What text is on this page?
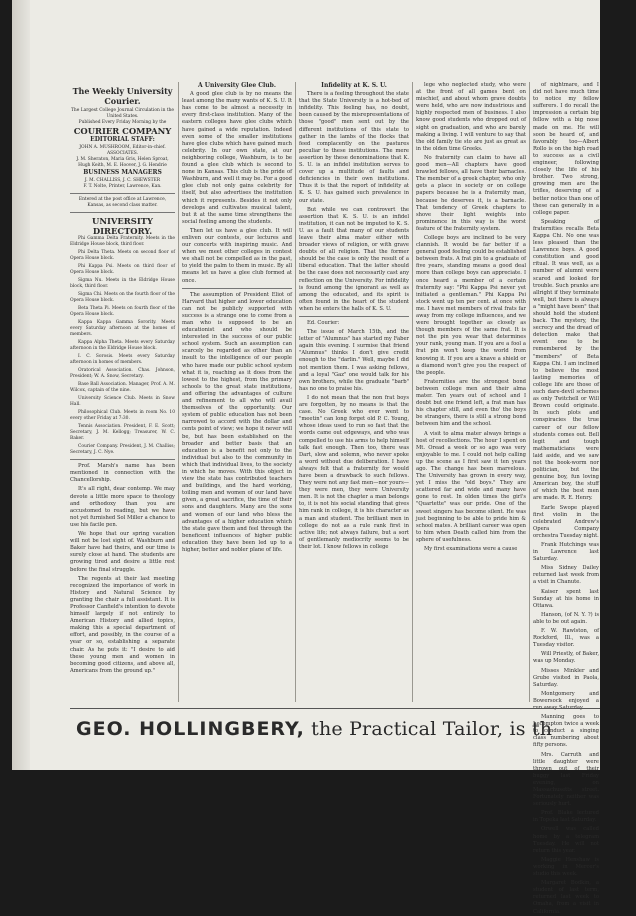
The Weekly University Courier.
The Largest College Journal Circulation in the United States.
Published Every Friday Morning by the
COURIER COMPANY
EDITORIAL STAFF:
JOHN A. MUSHROOM, Editor-in-chief.
ASSOCIATES.
J. M. Sheraton, Maria Gris, Helen Sproat, Hugh Keith, M. E. Hoover, J. G. Hendrie
BUSINESS MANAGERS
J. M. CHALLISS, J. C. SHEWSTER
F. T. Nolte, Printer, Lawrence, Kan.
Entered at the post office at Lawrence, Kansas, as second class matter.
UNIVERSITY DIRECTORY.

Phi Gamma Delta Fraternity. Meets in the Eldridge House block, third floor.

Phi Delta Theta. Meets on second floor of Opera House block.

Phi Kappa Psi. Meets on third floor of Opera House block.

Sigma Nu. Meets in the Eldridge House block, third floor.

Sigma Chi. Meets on the fourth floor of the Opera House block.

Beta Theta Pi. Meets on fourth floor of the Opera House block.

Kappa Kappa Gamma Sorority. Meets every Saturday afternoon at the homes of members.

Kappa Alpha Theta. Meets every Saturday afternoon in the Eldridge House block.

I. C. Sorosis. Meets every Saturday afternoon in homes of members.

Oratorical Association. Chas. Johnson, President; W. A. Snow, Secretary.

Base Ball Association. Manager, Prof. A. M. Wilcox, captain of the nine.

University Science Club. Meets in Snow Hall.

Philosophical Club. Meets in room No. 10 every other Friday at 7:30.

Tennis Association. President, F. E. Scott; Secretary, J. M. Kellogg; Treasurer, W. C. Baker.

Courier Company. President, J. M. Challiss; Secretary, J. C. Nye.

Prof. Marsh's name has been mentioned in connection with the Chancellorship.

It's all right, dear contemp. We may devote a little more space to theology and orthodoxy than you are accustomed to reading, but we have not yet furnished Sol Miller a chance to use his facile pen.

We hope that our spring vacation will not be lost sight of. Washburn and Baker have had theirs, and our time is surely close at hand. The students are growing tired and desire a little rest before the final struggle.

The regents at their last meeting recognized the importance of work in History and Natural Science by granting the chair a full assistant. It is Professor Canfield's intention to devote himself largely if not entirely to American History and allied topics, making this a special department of effort, and possibly, in the course of a year or so, establishing a separate chair. As he puts it: "I desire to aid these young men and women in becoming good citizens, and above all, Americans from the ground up."

A University Glee Club.

A good glee club is by no means the least among the many wants of K. S. U. It has come to be almost a necessity in every first-class institution. Many of the eastern colleges have glee clubs which have gained a wide reputation. Indeed even some of the smaller institutions have glee clubs which have gained much celebrity. In our own state, at our neighboring college, Washburn, is to be found a glee club which is second to none in Kansas. This club is the pride of Washburn, and well it may be. For a good glee club not only gains celebrity for itself, but also advertises the institution which it represents. Besides it not only develops and cultivates musical talent, but it at the same time strengthens the social feeling among the students.

Then let us have a glee club. It will enliven our contests, our lectures and our concerts with inspiring music. And when we meet other colleges in contest we shall not be compelled as in the past, to yield the palm to them in music. By all means let us have a glee club formed at once.

The assumption of President Eliot of Harvard that higher and lower education can not be publicly supported with success is a strange one to come from a man who is supposed to be an educationist and who should be interested in the success of our public school system. Such an assumption can scarcely be regarded as other than an insult to the intelligence of our people who have made our public school system what it is, reaching as it does from the lowest to the highest, from the primary schools to the great state institutions, and offering the advantages of culture and refinement to all who will avail themselves of the opportunity. Our system of public education has not been narrowed to accord with the dollar and cents point of view; we hope it never will be, but has been established on the broader and better basis that an education is a benefit not only to the individual but also to the community in which that individual lives, to the society in which he moves. With this object in view the state has contributed teachers and buildings, and the hard working, toiling men and women of our land have given, a great sacrifice, the time of their sons and daughters. Many are the sons and women of our land who bless the advantages of a higher education which the state gave them and feel through the beneficent influences of higher public education they have been led up to a higher, better and nobler plane of life.

Infidelity at K. S. U.

There is a feeling throughout the state that the State University is a hot-bed of infidelity. This feeling has, no doubt, been caused by the misrepresentations of those "good" men sent out by the different institutions of this state to gather in the lambs of the flocks that feed complacently on the pastures peculiar to these institutions. The mere assertion by these denominations that K. S. U. is an infidel institution serves to cover up a multitude of faults and deficiencies in their own institutions. Thus it is that the report of infidelity at K. S. U. has gained such prevalence in our state.

But while we can controvert the assertion that K. S. U. is an infidel institution, it can not be imputed to K. S. U. as a fault that many of our students leave their alma mater either with broader views of religion, or with grave doubts of all religion. That the former should be the case is only the result of a liberal education. That the latter should be the case does not necessarily cast any reflection on the University. For infidelity is found among the ignorant as well as among the educated, and its spirit is often found in the heart of the student when he enters the halls of K. S. U.

Ed. Courier:

The issue of March 15th, and the letter of "Alumnus" has started my Faber again this evening. I surmise that friend "Alumnus" thinks I don't give credit enough to the "darlin." Well, maybe I did not mention them. I was asking fellows, and a loyal "Gaz" one would talk for his own brothers, while the graduate "barb" has no one to praise his.

I do not mean that the non frat boys are forgotten, by no means is that the case. No Greek who ever went to "meetin" can long forget old P. C. Young, whose ideas used to run so fast that the words came out edgeways, and who was compelled to use his arms to help himself talk fast enough. Then too, there was Dart, slow and solemn, who never spoke a word without due deliberation. I have always felt that a fraternity for would have been a drawback to such fellows. They were not any fast men—nor yours—they were men, they were University men. It is not the chapter a man belongs to, it is not his social standing that gives him rank in college, it is his character as a man and student. The brilliant men in college do not as a rule rank first in active life; not always failure, but a sort of gentlemanly mediocrity seems to be their lot. I know fellows in college

lege who neglected study, who were at the front of all games bent on mischief, and about whom grave doubts were held, who are now industrious and highly respected men of business. I also know good students who dropped out of sight on graduation, and who are barely making a living. I will venture to say that the old family tie sto are just as great as in the olden time Greeks.

No fraternity can claim to have all good men—All chapters have good brawled fellows, all have their barnacles. The member of a greek chapter, who only gets a place in society or on college papers because he is a fraternity man, because he deserves it, is a barnacle. That tendency of Greek chapters to shove their light weights into prominence in this way is the worst feature of the fraternity system.

College boys are inclined to be very clannish. It would be far better if a general good feeling could be established between frats. A frat pin to a graduate of five years, standing means a good deal more than college boys can appreciate. I once heard a member of a certain fraternity say: "Phi Kappa Psi never yet initiated a gentleman." Phi Kappa Psi stock went up ten per cent. at once with me. I have met members of rival frats far away from my college influences, and we were brought together as closely as though members of the same frat. It is not the pin you wear that determines your rank, young man. If you are a fool a frat pin won't keep the world from knowing it. If you are a knave a shield or a diamond won't give you the respect of the people.

Fraternities are the strongest bond between college men and their alma mater. Ten years out of school and I doubt but one friend left, a frat man has his chapter still, and even tho' the boys be strangers, there is still a strong bond between him and the school.

A visit to alma mater always brings a host of recollections. The hour I spent on Mt. Oread a week or so ago was very enjoyable to me. I could not help calling up the scene as I first saw it ten years ago. The change has been marvelous. The University has grown in every way, yet I miss the "old boys." They are scattered far and wide and many have gone to rest. In olden times the girl's "Quartette" was our pride. One of the sweet singers has become silent. He was just beginning to be able to pride him & school mates. A brilliant career was open to him when Death called him from the sphere of usefulness.

My first examinations were a cause

of nightmare, and I did not have much time to notice my fellow sufferers. I do recall the impression a certain big fellow with a big nose made on me. He will soon be heard of, and favorably too—Albert Rollo is on the high road to success as a civil engineer, following closely the life of his brother. Two strong, growing men are the trifles, deserving of a better notice than one of these can generally in a college paper.

Speaking of fraternities recalls Beta Kappa Chi. No one was less pleased than the Lawrence boys. A good constitution and good ritual. It was well, as a number of alumni were scared and looked for trouble. Such pranks are allright if they terminate well, but there is always a "might have been" that should hold the student back. The mystery, the secrecy and the dread of detection make that event one to be remembered by the "members" of Beta Kappa Chi. I am inclined to believe the most lasting memories of college life are those of such dare-devil schemes as only Twitchell or Will Brown could originate. In such plots and conspiracies the true career of our fellow students comes out. Bell legit and tough mathematicians were laid aside, and we saw not the book-worm nor politician, but the genuine boy, fun loving American boy, the stuff of which the best men are made. R. E. Henry.

Earle Swope played first violin in the celebrated Andrew's Opera Company orchestra Tuesday night.

Frank Hutchings was in Lawrence last Saturday.

Miss Sidney Dailey returned last week from a visit in Chanute.

Kaiser spent last Sunday at his home in Ottawa.

Hanson, (of N. Y. ?) is able to be out again.

F. W. Rawlston, of Rockford, Ill., was a Tuesday visitor.

Will Priestly, of Baker, was up Monday.

Misses Minkler and Grube visited in Paola, Saturday.

Montgomery and Bowersock enjoyed a run away Saturday.

Manning goes to Lecompton twice a week to conduct a singing class numbering about fifty persons.

Mrs. Carruth and little daughter were thrown out of their buggy last Friday evening, on Massachusetts street. Fortunately neither was seriously hurt.

Prof. Blake lectured in Topeka last Saturday.

Orwell was called home by a telegram Tuesday. He will not return this year.

Maggie Henshaw is working in Mercer's studio this week.

Margaret Bodkin, a student of last term, returned last week to Omaha, from a visit in California.

GEO. HOLLINGBERY, the Practical Tailor, is th
